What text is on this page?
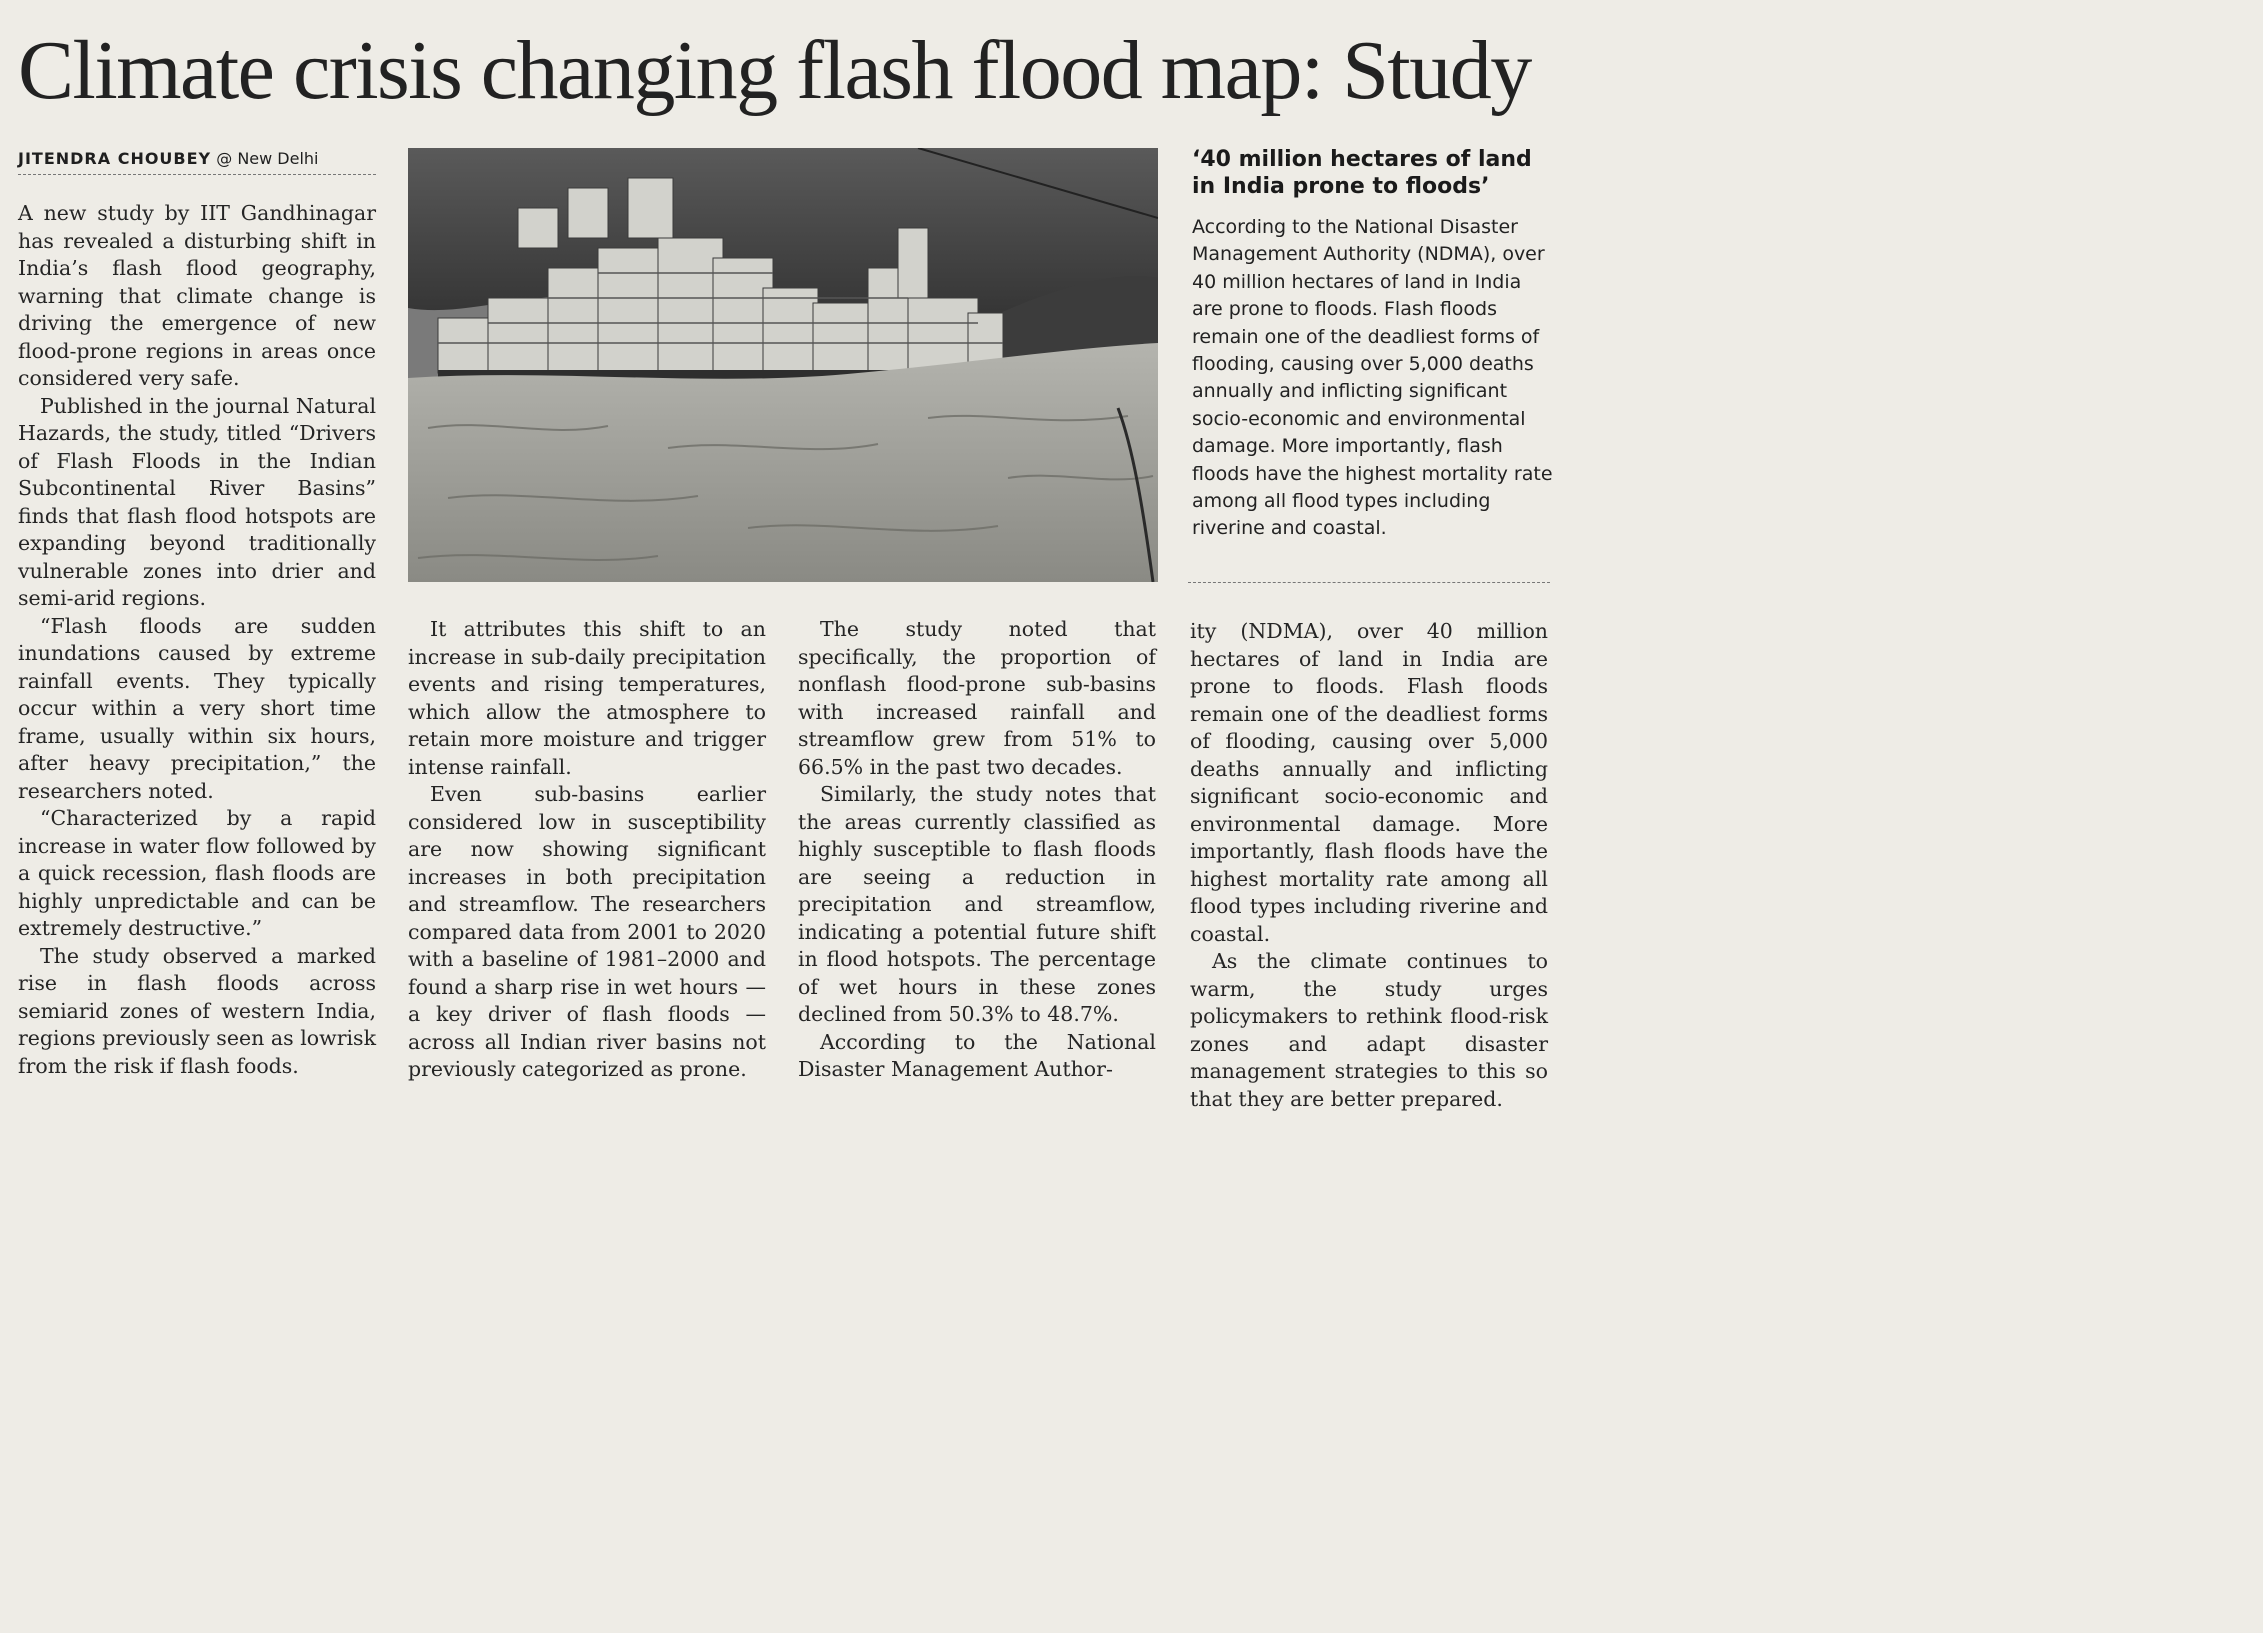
Climate crisis changing flash flood map: Study
JITENDRA CHOUBEY @ New Delhi

A new study by IIT Gandhinagar has revealed a disturbing shift in India’s flash flood geography, warning that climate change is driving the emergence of new flood-prone regions in areas once considered very safe.

Published in the journal Natural Hazards, the study, titled “Drivers of Flash Floods in the Indian Subcontinental River Basins” finds that flash flood hotspots are expanding beyond traditionally vulnerable zones into drier and semi-arid regions.

“Flash floods are sudden inundations caused by extreme rainfall events. They typically occur within a very short time frame, usually within six hours, after heavy precipitation,” the researchers noted.

“Characterized by a rapid increase in water flow followed by a quick recession, flash floods are highly unpredictable and can be extremely destructive.”

The study observed a marked rise in flash floods across semiarid zones of western India, regions previously seen as lowrisk from the risk if flash foods.

‘40 million hectares of land in India prone to floods’
According to the National Disaster Management Authority (NDMA), over 40 million hectares of land in India are prone to floods. Flash floods remain one of the deadliest forms of flooding, causing over 5,000 deaths annually and inflicting significant socio-economic and environmental damage. More importantly, flash floods have the highest mortality rate among all flood types including riverine and coastal.

It attributes this shift to an increase in sub-daily precipitation events and rising temperatures, which allow the atmosphere to retain more moisture and trigger intense rainfall.

Even sub-basins earlier considered low in susceptibility are now showing significant increases in both precipitation and streamflow. The researchers compared data from 2001 to 2020 with a baseline of 1981–2000 and found a sharp rise in wet hours — a key driver of flash floods — across all Indian river basins not previously categorized as prone.

The study noted that specifically, the proportion of nonflash flood-prone sub-basins with increased rainfall and streamflow grew from 51% to 66.5% in the past two decades.

Similarly, the study notes that the areas currently classified as highly susceptible to flash floods are seeing a reduction in precipitation and streamflow, indicating a potential future shift in flood hotspots. The percentage of wet hours in these zones declined from 50.3% to 48.7%.

According to the National Disaster Management Author-

ity (NDMA), over 40 million hectares of land in India are prone to floods. Flash floods remain one of the deadliest forms of flooding, causing over 5,000 deaths annually and inflicting significant socio-economic and environmental damage. More importantly, flash floods have the highest mortality rate among all flood types including riverine and coastal.

As the climate continues to warm, the study urges policymakers to rethink flood-risk zones and adapt disaster management strategies to this so that they are better prepared.
